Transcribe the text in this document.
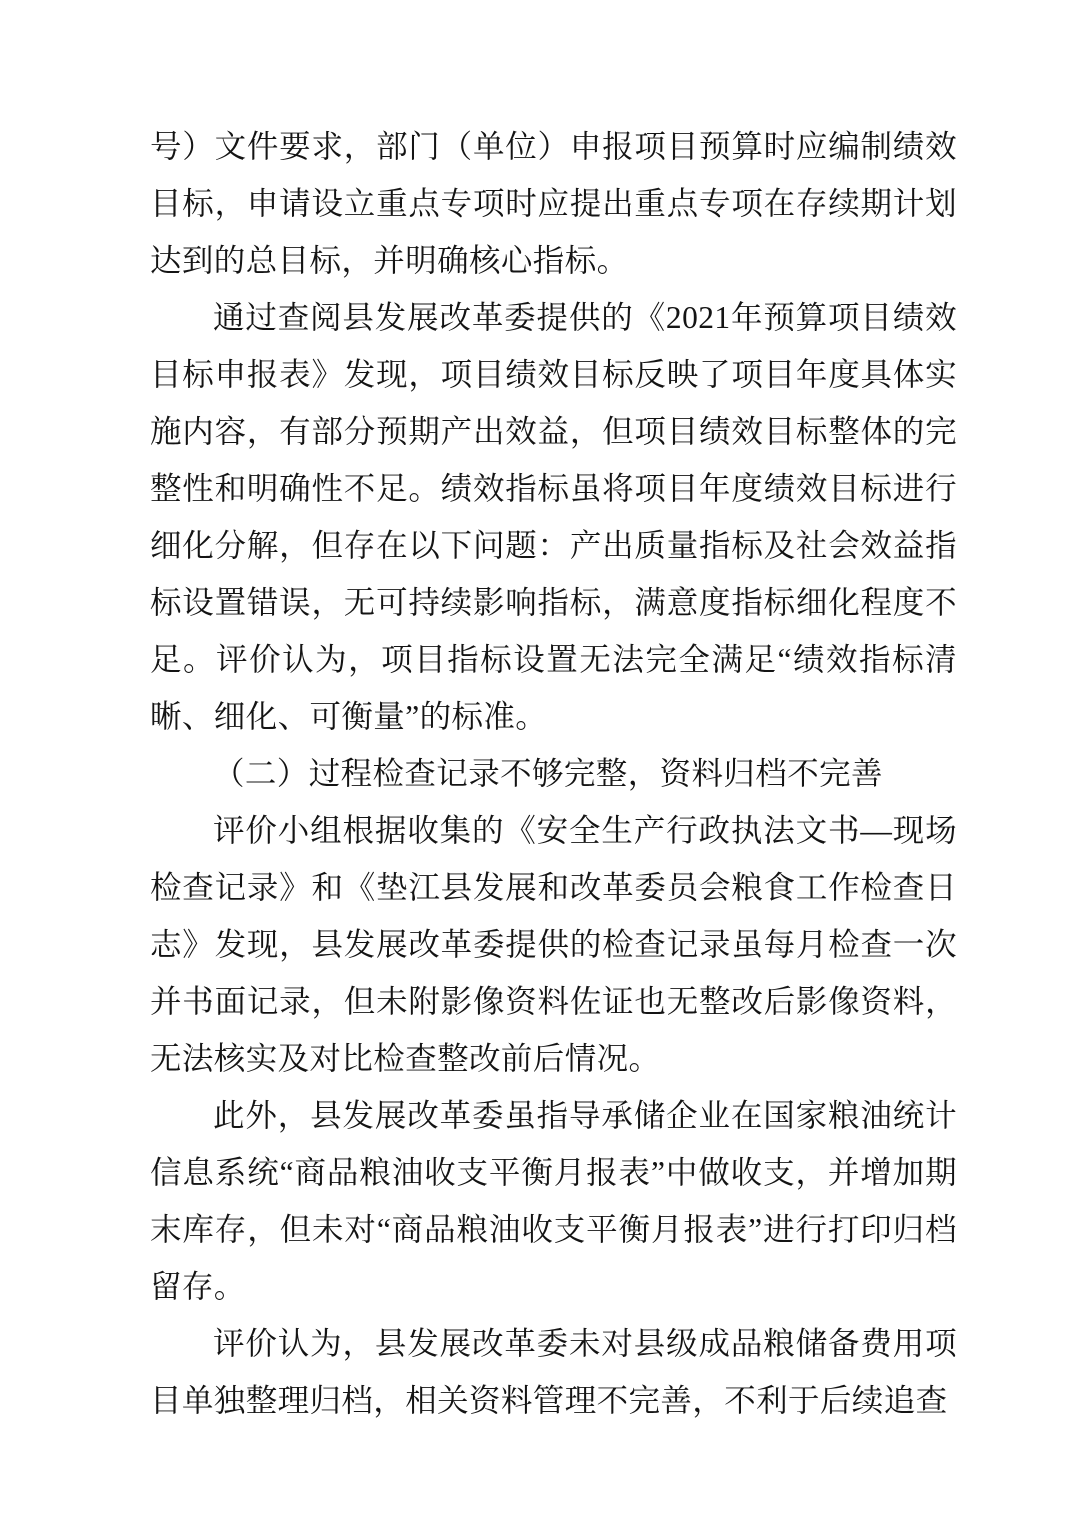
号）文件要求，部门（单位）申报项目预算时应编制绩效目标，申请设立重点专项时应提出重点专项在存续期计划达到的总目标，并明确核心指标。

通过查阅县发展改革委提供的《2021年预算项目绩效目标申报表》发现，项目绩效目标反映了项目年度具体实施内容，有部分预期产出效益，但项目绩效目标整体的完整性和明确性不足。绩效指标虽将项目年度绩效目标进行细化分解，但存在以下问题：产出质量指标及社会效益指标设置错误，无可持续影响指标，满意度指标细化程度不足。评价认为，项目指标设置无法完全满足“绩效指标清晰、细化、可衡量”的标准。

（二）过程检查记录不够完整，资料归档不完善

评价小组根据收集的《安全生产行政执法文书—现场检查记录》和《垫江县发展和改革委员会粮食工作检查日志》发现，县发展改革委提供的检查记录虽每月检查一次并书面记录，但未附影像资料佐证也无整改后影像资料，无法核实及对比检查整改前后情况。

此外，县发展改革委虽指导承储企业在国家粮油统计信息系统“商品粮油收支平衡月报表”中做收支，并增加期末库存，但未对“商品粮油收支平衡月报表”进行打印归档留存。

评价认为，县发展改革委未对县级成品粮储备费用项目单独整理归档，相关资料管理不完善，不利于后续追查
